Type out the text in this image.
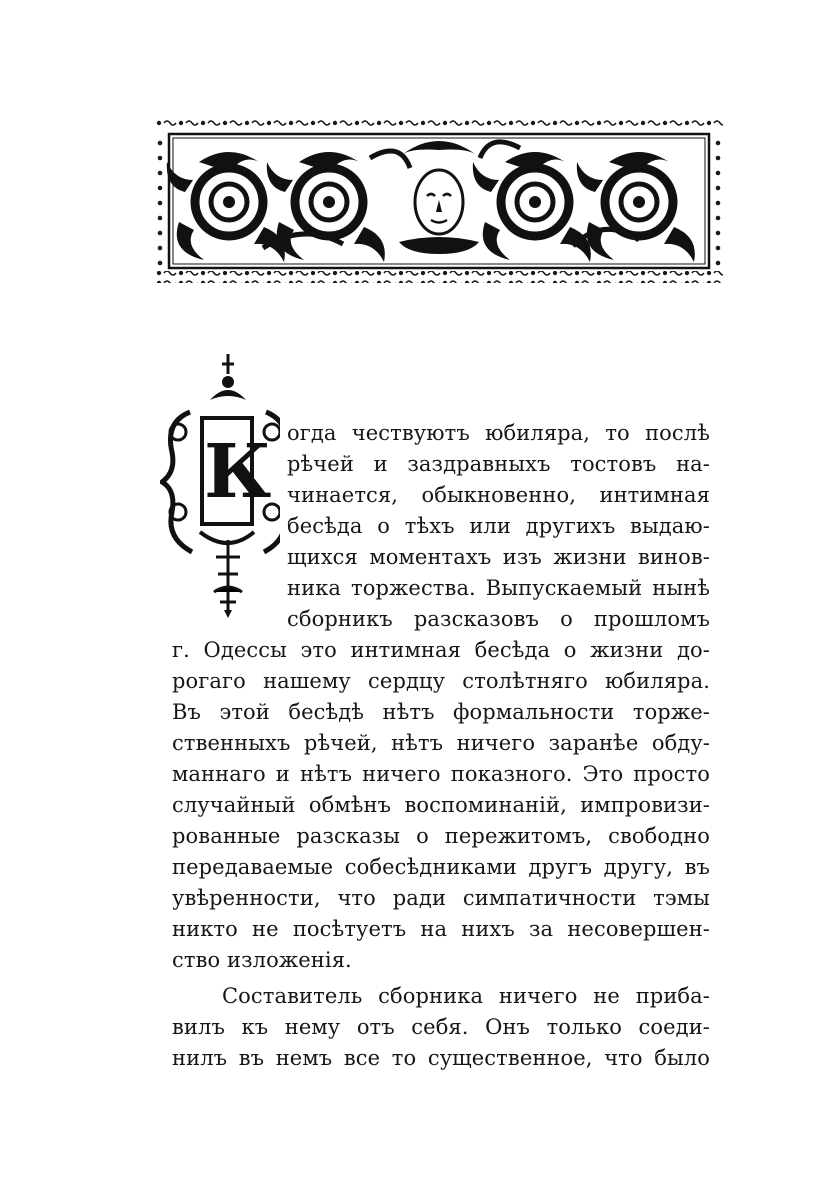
К огда чествуютъ юбиляра, то послѣ

рѣчей и заздравныхъ тостовъ на-

чинается, обыкновенно, интимная

бесѣда о тѣхъ или другихъ выдаю-

щихся моментахъ изъ жизни винов-

ника торжества. Выпускаемый нынѣ

сборникъ разсказовъ о прошломъ

г. Одессы это интимная бесѣда о жизни до-

рогаго нашему сердцу столѣтняго юбиляра.

Въ этой бесѣдѣ нѣтъ формальности торже-

ственныхъ рѣчей, нѣтъ ничего заранѣе обду-

маннаго и нѣтъ ничего показного. Это просто

случайный обмѣнъ воспоминаній, импровизи-

рованные разсказы о пережитомъ, свободно

передаваемые собесѣдниками другъ другу, въ

увѣренности, что ради симпатичности тэмы

никто не посѣтуетъ на нихъ за несовершен-

ство изложенія.

Составитель сборника ничего не приба-

вилъ къ нему отъ себя. Онъ только соеди-

нилъ въ немъ все то существенное, что было
